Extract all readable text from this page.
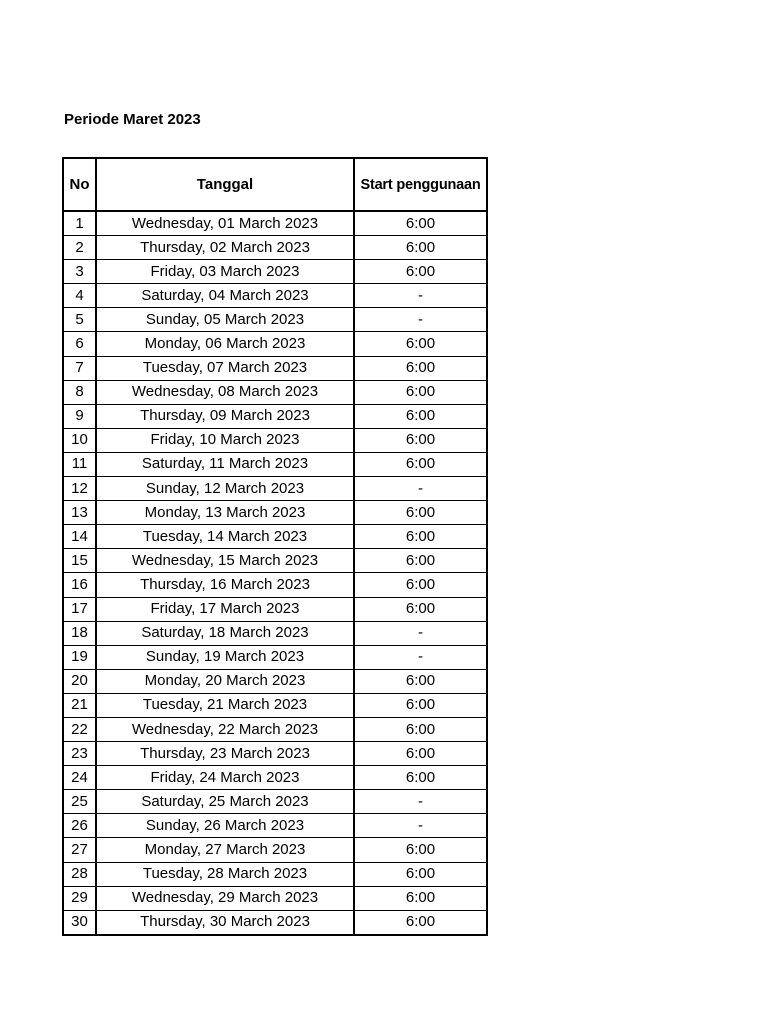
Periode Maret 2023
No	Tanggal	Start penggunaan
1	Wednesday, 01 March 2023	6:00
2	Thursday, 02 March 2023	6:00
3	Friday, 03 March 2023	6:00
4	Saturday, 04 March 2023	-
5	Sunday, 05 March 2023	-
6	Monday, 06 March 2023	6:00
7	Tuesday, 07 March 2023	6:00
8	Wednesday, 08 March 2023	6:00
9	Thursday, 09 March 2023	6:00
10	Friday, 10 March 2023	6:00
11	Saturday, 11 March 2023	6:00
12	Sunday, 12 March 2023	-
13	Monday, 13 March 2023	6:00
14	Tuesday, 14 March 2023	6:00
15	Wednesday, 15 March 2023	6:00
16	Thursday, 16 March 2023	6:00
17	Friday, 17 March 2023	6:00
18	Saturday, 18 March 2023	-
19	Sunday, 19 March 2023	-
20	Monday, 20 March 2023	6:00
21	Tuesday, 21 March 2023	6:00
22	Wednesday, 22 March 2023	6:00
23	Thursday, 23 March 2023	6:00
24	Friday, 24 March 2023	6:00
25	Saturday, 25 March 2023	-
26	Sunday, 26 March 2023	-
27	Monday, 27 March 2023	6:00
28	Tuesday, 28 March 2023	6:00
29	Wednesday, 29 March 2023	6:00
30	Thursday, 30 March 2023	6:00
